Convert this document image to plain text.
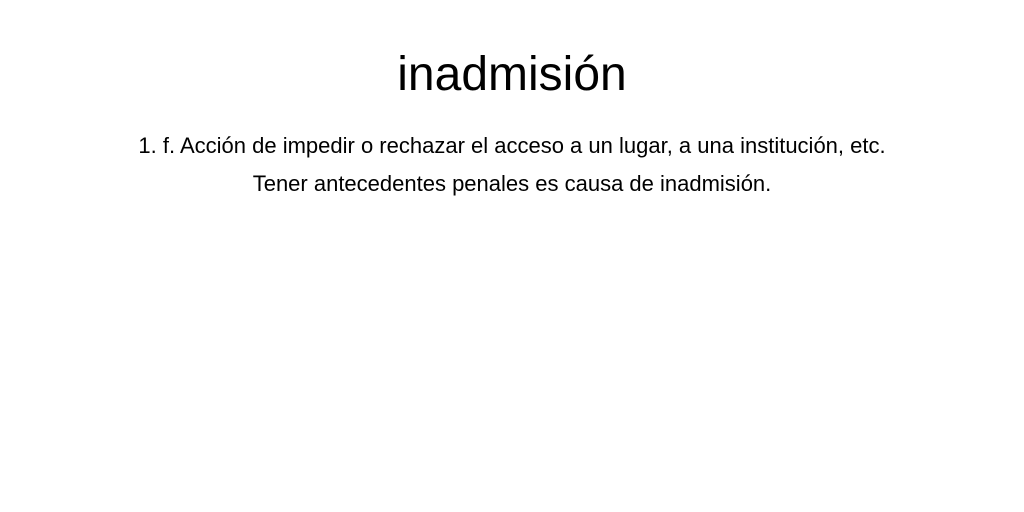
inadmisión

1. f. Acción de impedir o rechazar el acceso a un lugar, a una institución, etc.

Tener antecedentes penales es causa de inadmisión.
